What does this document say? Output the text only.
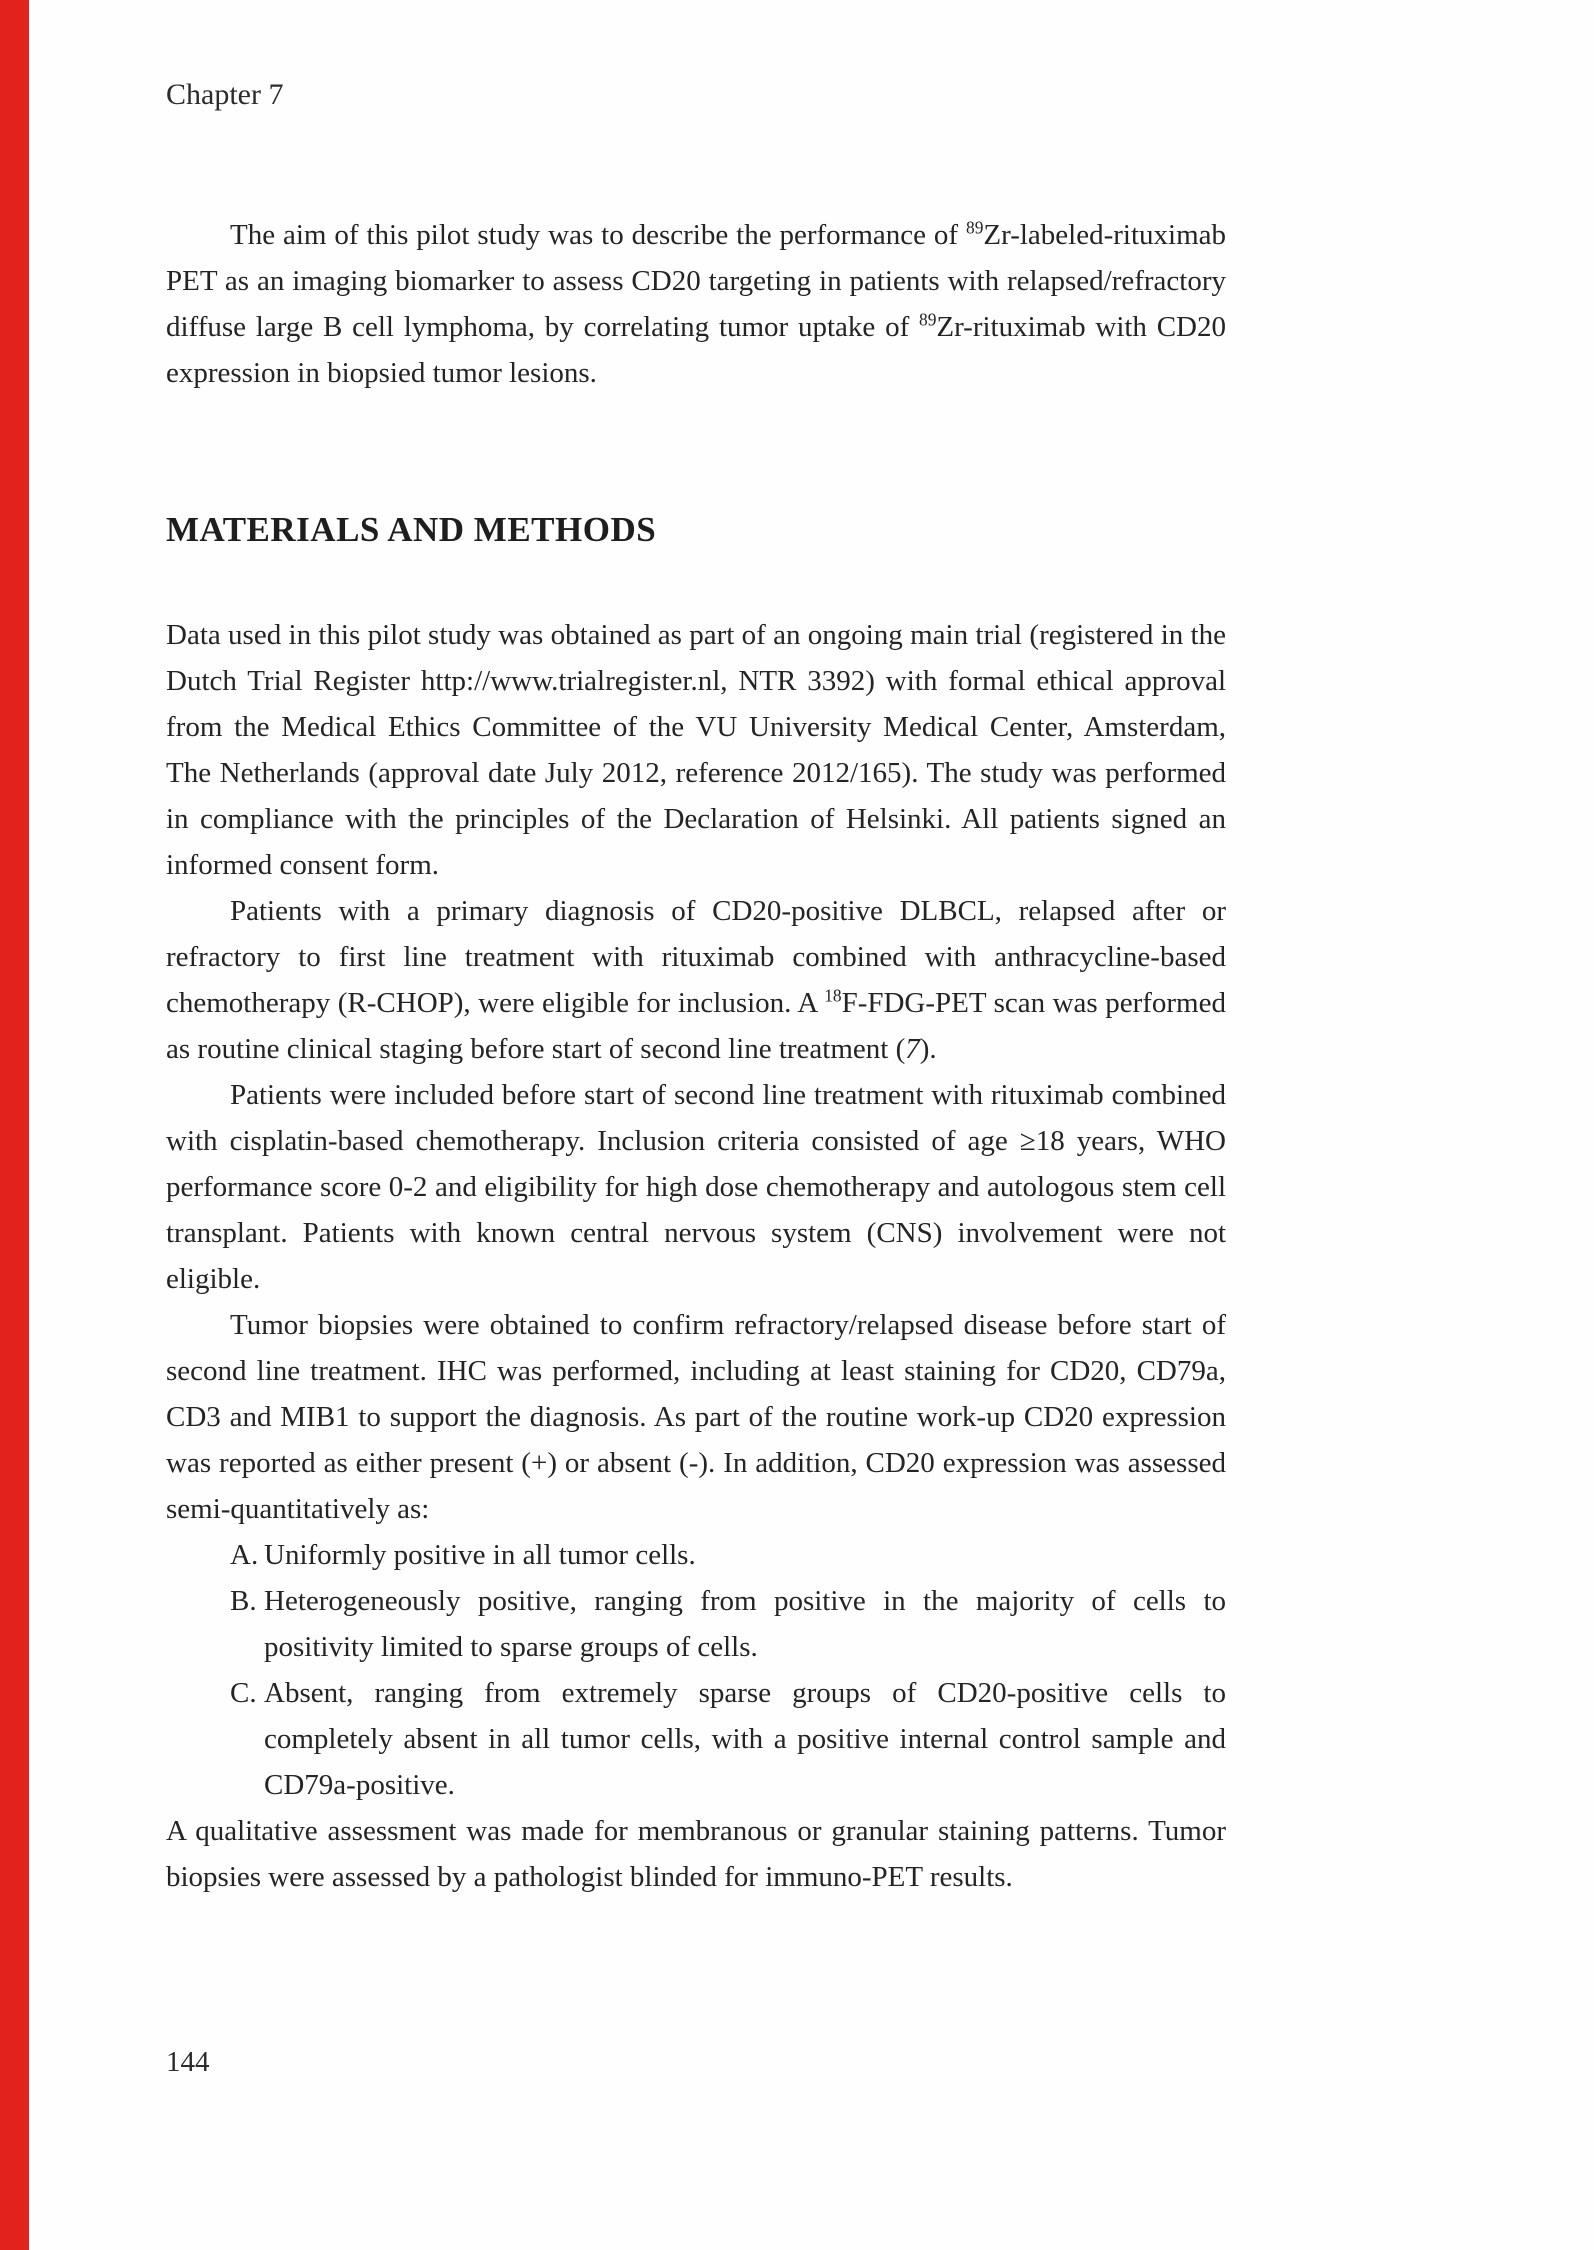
Chapter 7

The aim of this pilot study was to describe the performance of $^{89}$Zr-labeled-rituximab PET as an imaging biomarker to assess CD20 targeting in patients with relapsed/refractory diffuse large B cell lymphoma, by correlating tumor uptake of $^{89}$Zr-rituximab with CD20 expression in biopsied tumor lesions.

MATERIALS AND METHODS

Data used in this pilot study was obtained as part of an ongoing main trial (registered in the Dutch Trial Register http://www.trialregister.nl, NTR 3392) with formal ethical approval from the Medical Ethics Committee of the VU University Medical Center, Amsterdam, The Netherlands (approval date July 2012, reference 2012/165). The study was performed in compliance with the principles of the Declaration of Helsinki. All patients signed an informed consent form.

Patients with a primary diagnosis of CD20-positive DLBCL, relapsed after or refractory to first line treatment with rituximab combined with anthracycline-based chemotherapy (R-CHOP), were eligible for inclusion. A $^{18}$F-FDG-PET scan was performed as routine clinical staging before start of second line treatment (7).

Patients were included before start of second line treatment with rituximab combined with cisplatin-based chemotherapy. Inclusion criteria consisted of age ≥18 years, WHO performance score 0-2 and eligibility for high dose chemotherapy and autologous stem cell transplant. Patients with known central nervous system (CNS) involvement were not eligible.

Tumor biopsies were obtained to confirm refractory/relapsed disease before start of second line treatment. IHC was performed, including at least staining for CD20, CD79a, CD3 and MIB1 to support the diagnosis. As part of the routine work-up CD20 expression was reported as either present (+) or absent (-). In addition, CD20 expression was assessed semi-quantitatively as:

A. Uniformly positive in all tumor cells.
B. Heterogeneously positive, ranging from positive in the majority of cells to positivity limited to sparse groups of cells.
C. Absent, ranging from extremely sparse groups of CD20-positive cells to completely absent in all tumor cells, with a positive internal control sample and CD79a-positive.

A qualitative assessment was made for membranous or granular staining patterns. Tumor biopsies were assessed by a pathologist blinded for immuno-PET results.

144
